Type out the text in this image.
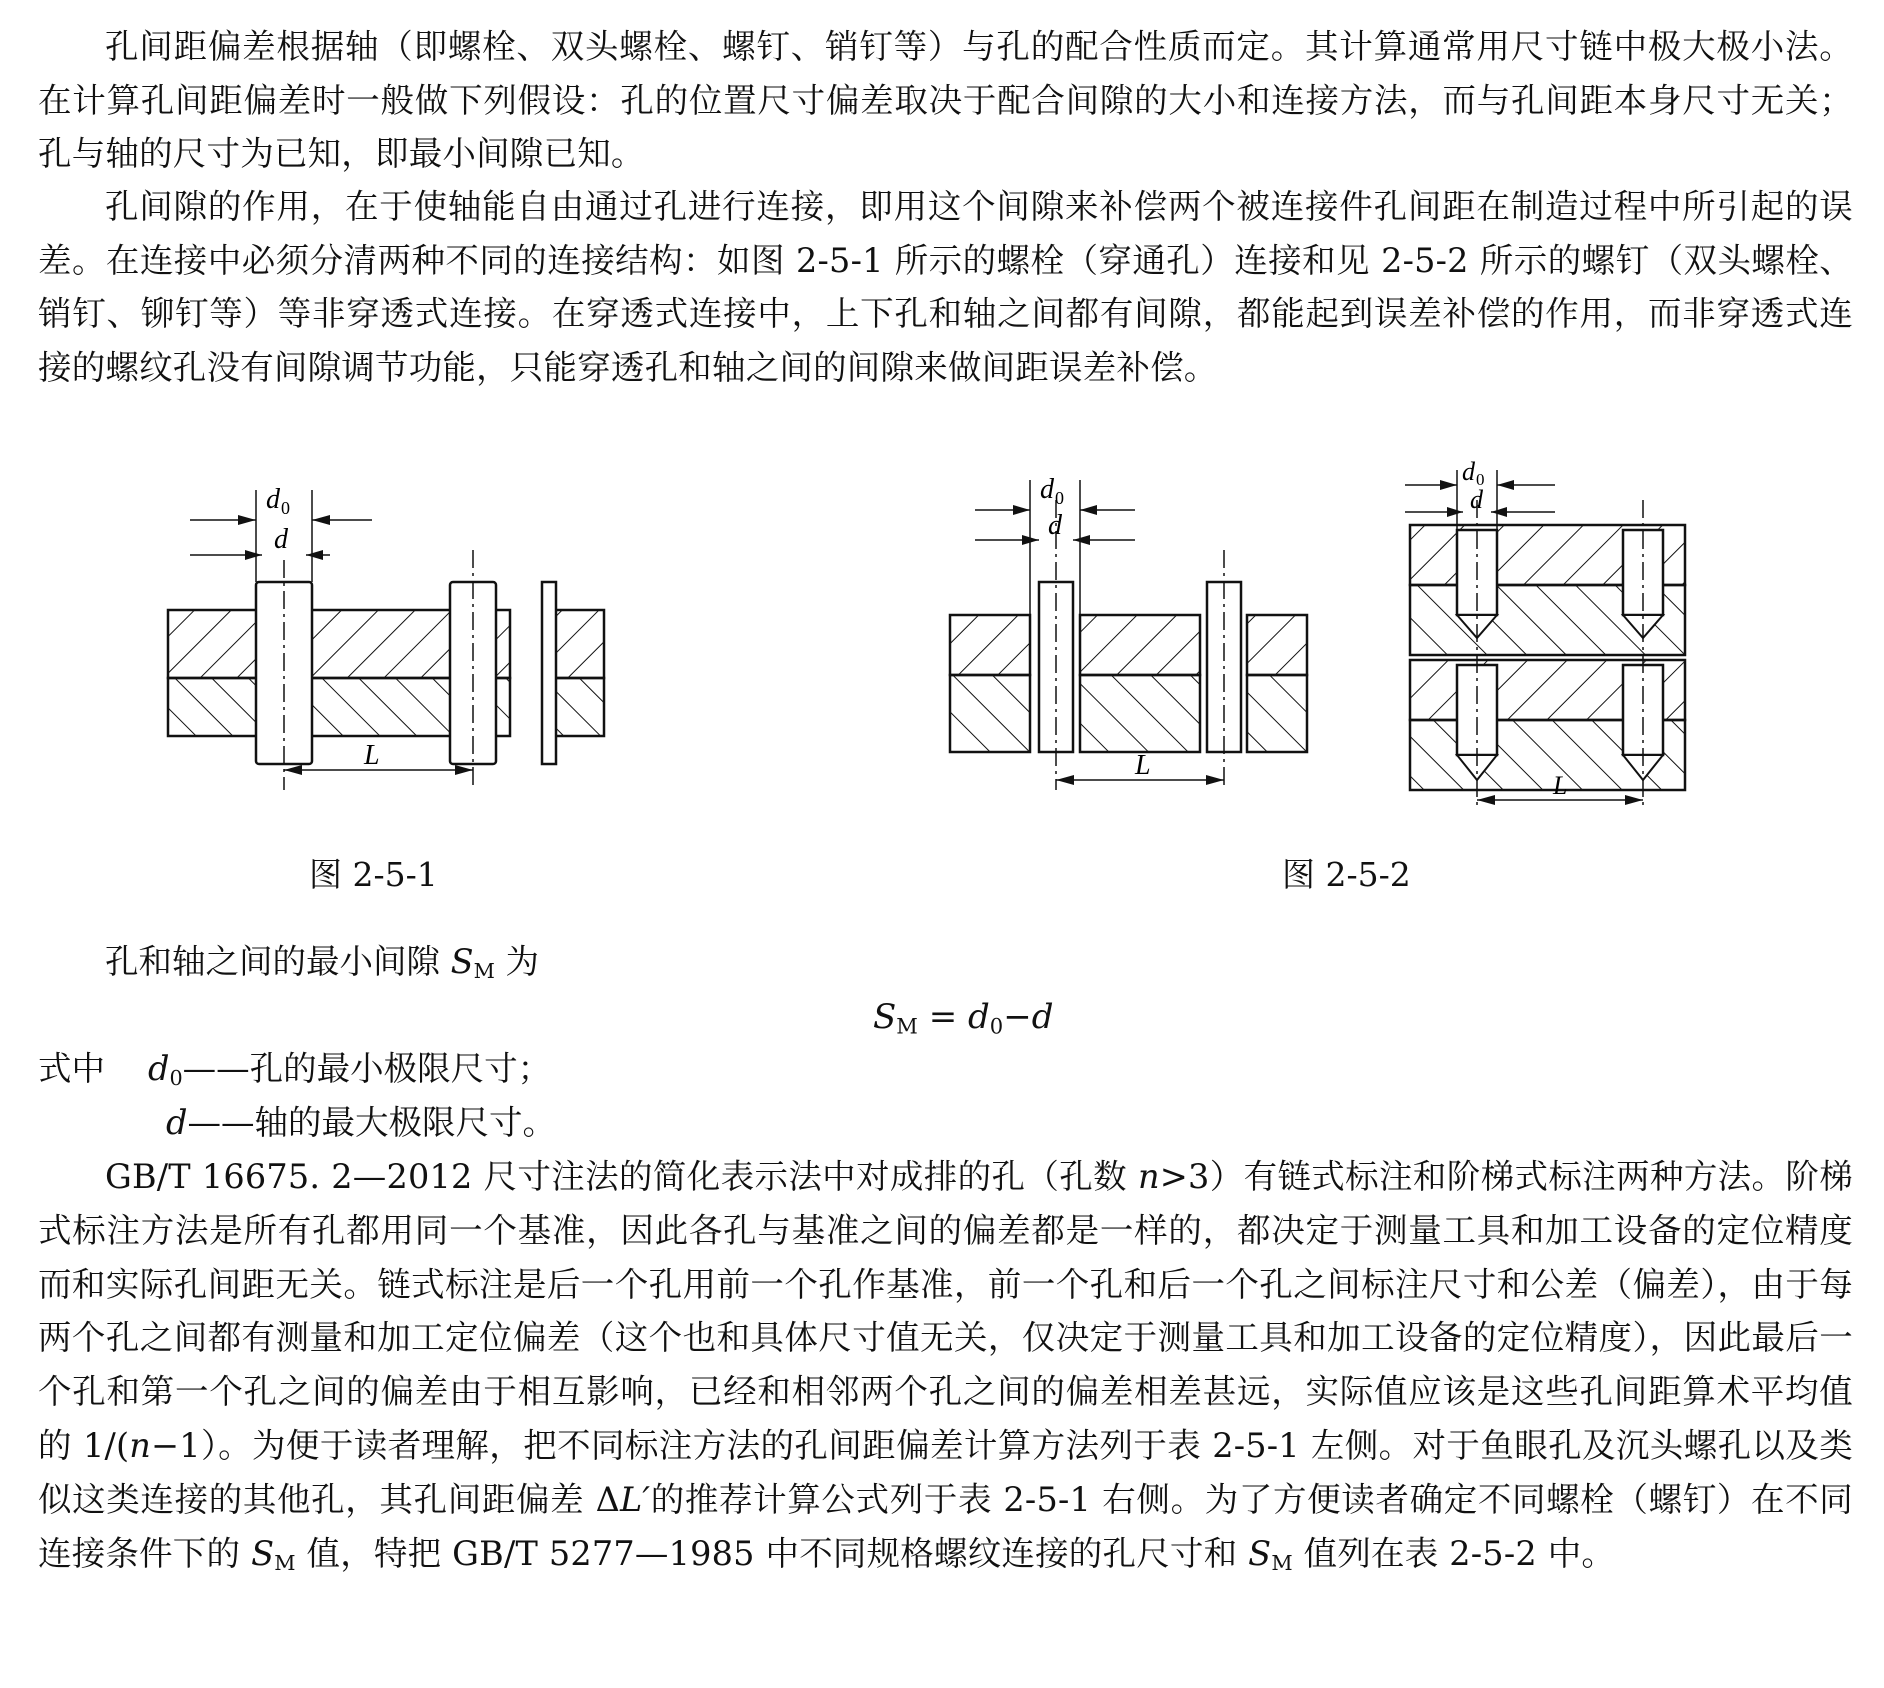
孔间距偏差根据轴（即螺栓、双头螺栓、螺钉、销钉等）与孔的配合性质而定。其计算通常用尺寸链中极大极小法。在计算孔间距偏差时一般做下列假设：孔的位置尺寸偏差取决于配合间隙的大小和连接方法，而与孔间距本身尺寸无关；孔与轴的尺寸为已知，即最小间隙已知。

孔间隙的作用，在于使轴能自由通过孔进行连接，即用这个间隙来补偿两个被连接件孔间距在制造过程中所引起的误差。在连接中必须分清两种不同的连接结构：如图 2-5-1 所示的螺栓（穿通孔）连接和见 2-5-2 所示的螺钉（双头螺栓、销钉、铆钉等）等非穿透式连接。在穿透式连接中，上下孔和轴之间都有间隙，都能起到误差补偿的作用，而非穿透式连接的螺纹孔没有间隙调节功能，只能穿透孔和轴之间的间隙来做间距误差补偿。

d 0
d
L
图 2-5-1
d 0
d
L
d 0
d
L
图 2-5-2
孔和轴之间的最小间隙 $S_M$ 为
$S_M = d_0-d$
式中 $d_0——$孔的最小极限尺寸；
d——轴的最大极限尺寸。

GB/T 16675. 2—2012 尺寸注法的简化表示法中对成排的孔（孔数 n>3）有链式标注和阶梯式标注两种方法。阶梯式标注方法是所有孔都用同一个基准，因此各孔与基准之间的偏差都是一样的，都决定于测量工具和加工设备的定位精度而和实际孔间距无关。链式标注是后一个孔用前一个孔作基准，前一个孔和后一个孔之间标注尺寸和公差（偏差），由于每两个孔之间都有测量和加工定位偏差（这个也和具体尺寸值无关，仅决定于测量工具和加工设备的定位精度），因此最后一个孔和第一个孔之间的偏差由于相互影响，已经和相邻两个孔之间的偏差相差甚远，实际值应该是这些孔间距算术平均值的 1/(n−1）。为便于读者理解，把不同标注方法的孔间距偏差计算方法列于表 2-5-1 左侧。对于鱼眼孔及沉头螺孔以及类似这类连接的其他孔，其孔间距偏差 ΔL′的推荐计算公式列于表 2-5-1 右侧。为了方便读者确定不同螺栓（螺钉）在不同连接条件下的 $S_M$ 值，特把 GB/T 5277—1985 中不同规格螺纹连接的孔尺寸和 $S_M$ 值列在表 2-5-2 中。
